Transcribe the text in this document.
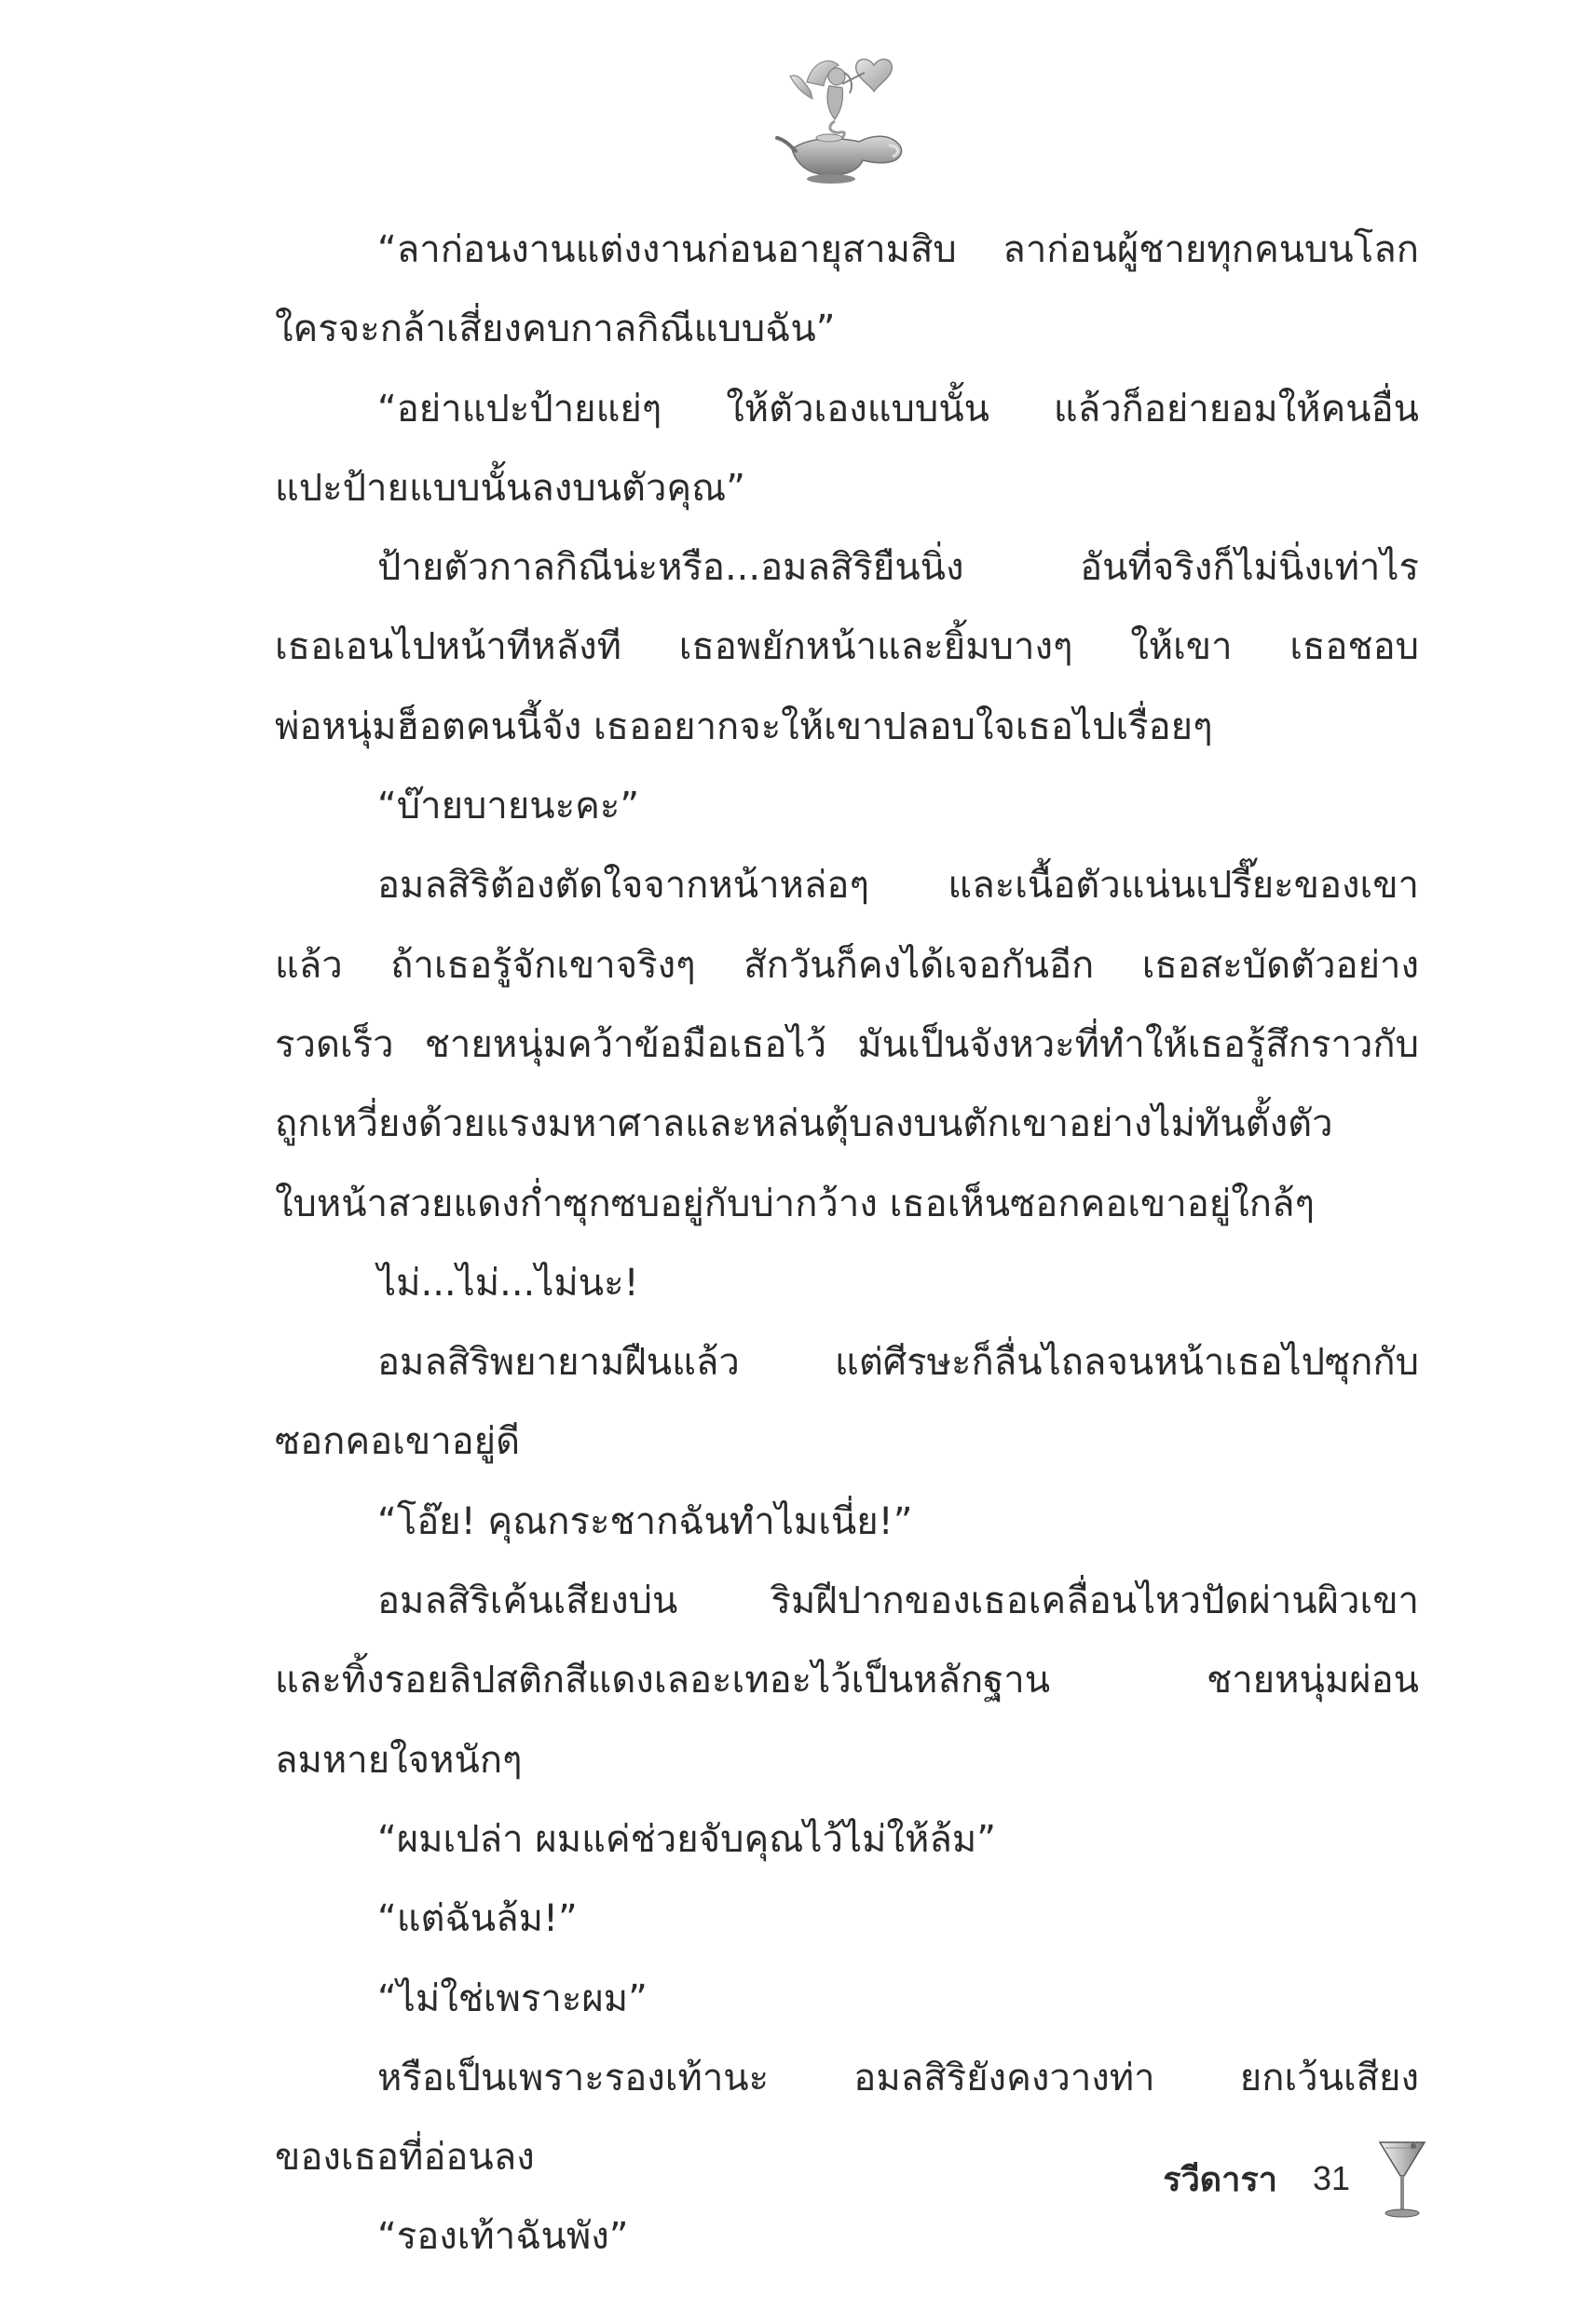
“ลาก่อนงานแต่งงานก่อนอายุสามสิบ ลาก่อนผู้ชายทุกคนบนโลก
ใครจะกล้าเสี่ยงคบกาลกิณีแบบฉัน”
“อย่าแปะป้ายแย่ๆ ให้ตัวเองแบบนั้น แล้วก็อย่ายอมให้คนอื่น
แปะป้ายแบบนั้นลงบนตัวคุณ”
ป้ายตัวกาลกิณีน่ะหรือ...อมลสิริยืนนิ่ง อันที่จริงก็ไม่นิ่งเท่าไร
เธอเอนไปหน้าทีหลังที เธอพยักหน้าและยิ้มบางๆ ให้เขา เธอชอบ
พ่อหนุ่มฮ็อตคนนี้จัง เธออยากจะให้เขาปลอบใจเธอไปเรื่อยๆ
“บ๊ายบายนะคะ”
อมลสิริต้องตัดใจจากหน้าหล่อๆ และเนื้อตัวแน่นเปรี๊ยะของเขา
แล้ว ถ้าเธอรู้จักเขาจริงๆ สักวันก็คงได้เจอกันอีก เธอสะบัดตัวอย่าง
รวดเร็ว ชายหนุ่มคว้าข้อมือเธอไว้ มันเป็นจังหวะที่ทำให้เธอรู้สึกราวกับ
ถูกเหวี่ยงด้วยแรงมหาศาลและหล่นตุ้บลงบนตักเขาอย่างไม่ทันตั้งตัว
ใบหน้าสวยแดงก่ำซุกซบอยู่กับบ่ากว้าง เธอเห็นซอกคอเขาอยู่ใกล้ๆ
ไม่...ไม่...ไม่นะ!
อมลสิริพยายามฝืนแล้ว แต่ศีรษะก็ลื่นไถลจนหน้าเธอไปซุกกับ
ซอกคอเขาอยู่ดี
“โอ๊ย! คุณกระชากฉันทำไมเนี่ย!”
อมลสิริเค้นเสียงบ่น ริมฝีปากของเธอเคลื่อนไหวปัดผ่านผิวเขา
และทิ้งรอยลิปสติกสีแดงเลอะเทอะไว้เป็นหลักฐาน ชายหนุ่มผ่อน
ลมหายใจหนักๆ
“ผมเปล่า ผมแค่ช่วยจับคุณไว้ไม่ให้ล้ม”
“แต่ฉันล้ม!”
“ไม่ใช่เพราะผม”
หรือเป็นเพราะรองเท้านะ อมลสิริยังคงวางท่า ยกเว้นเสียง
ของเธอที่อ่อนลง
“รองเท้าฉันพัง”
รวีดารา 31
